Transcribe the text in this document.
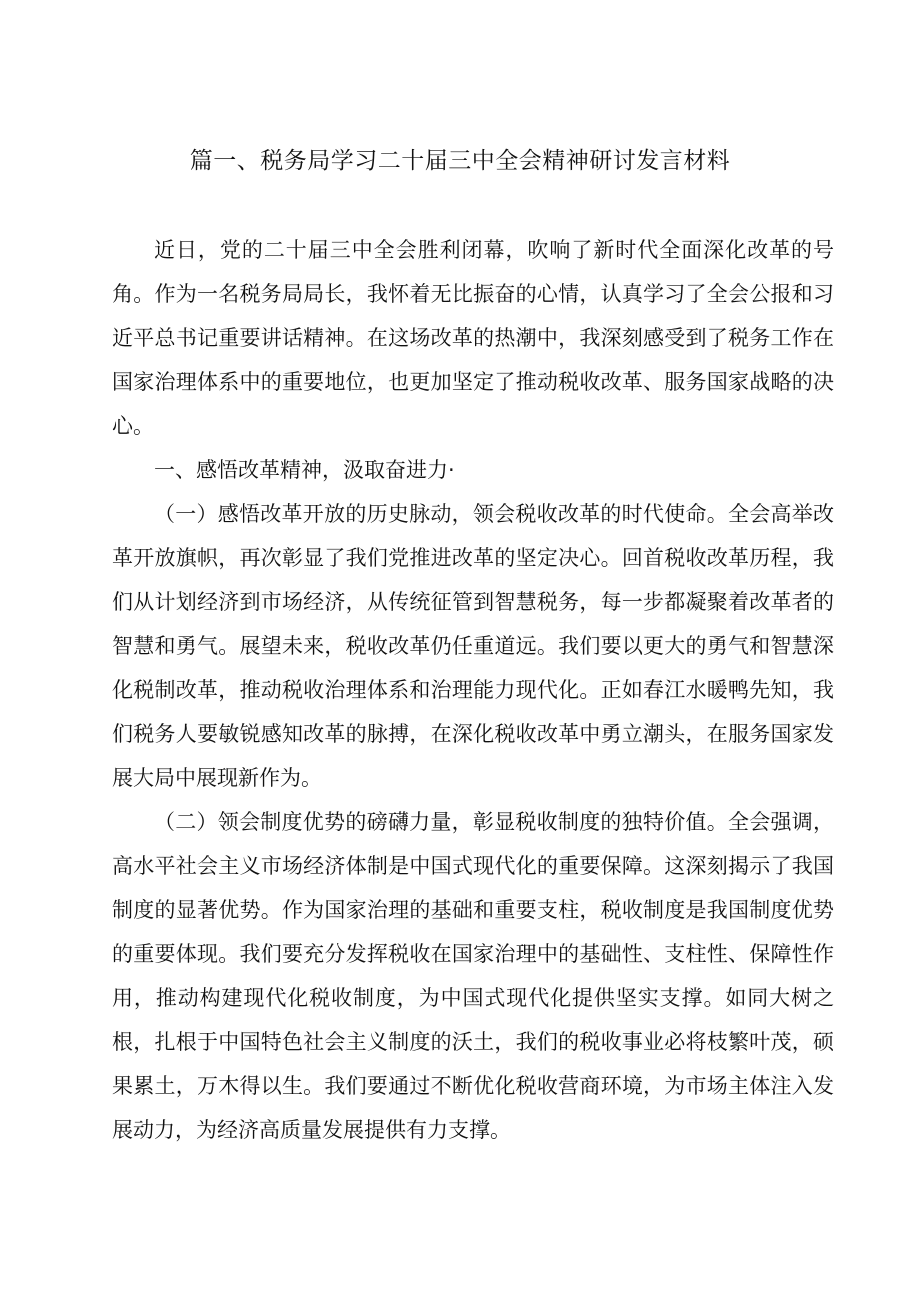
篇一、税务局学习二十届三中全会精神研讨发言材料

近日，党的二十届三中全会胜利闭幕，吹响了新时代全面深化改革的号角。作为一名税务局局长，我怀着无比振奋的心情，认真学习了全会公报和习近平总书记重要讲话精神。在这场改革的热潮中，我深刻感受到了税务工作在国家治理体系中的重要地位，也更加坚定了推动税收改革、服务国家战略的决心。

一、感悟改革精神，汲取奋进力·

（一）感悟改革开放的历史脉动，领会税收改革的时代使命。全会高举改革开放旗帜，再次彰显了我们党推进改革的坚定决心。回首税收改革历程，我们从计划经济到市场经济，从传统征管到智慧税务，每一步都凝聚着改革者的智慧和勇气。展望未来，税收改革仍任重道远。我们要以更大的勇气和智慧深化税制改革，推动税收治理体系和治理能力现代化。正如春江水暖鸭先知，我们税务人要敏锐感知改革的脉搏，在深化税收改革中勇立潮头，在服务国家发展大局中展现新作为。

（二）领会制度优势的磅礴力量，彰显税收制度的独特价值。全会强调，高水平社会主义市场经济体制是中国式现代化的重要保障。这深刻揭示了我国制度的显著优势。作为国家治理的基础和重要支柱，税收制度是我国制度优势的重要体现。我们要充分发挥税收在国家治理中的基础性、支柱性、保障性作用，推动构建现代化税收制度，为中国式现代化提供坚实支撑。如同大树之根，扎根于中国特色社会主义制度的沃土，我们的税收事业必将枝繁叶茂，硕果累土，万木得以生。我们要通过不断优化税收营商环境，为市场主体注入发展动力，为经济高质量发展提供有力支撑。
